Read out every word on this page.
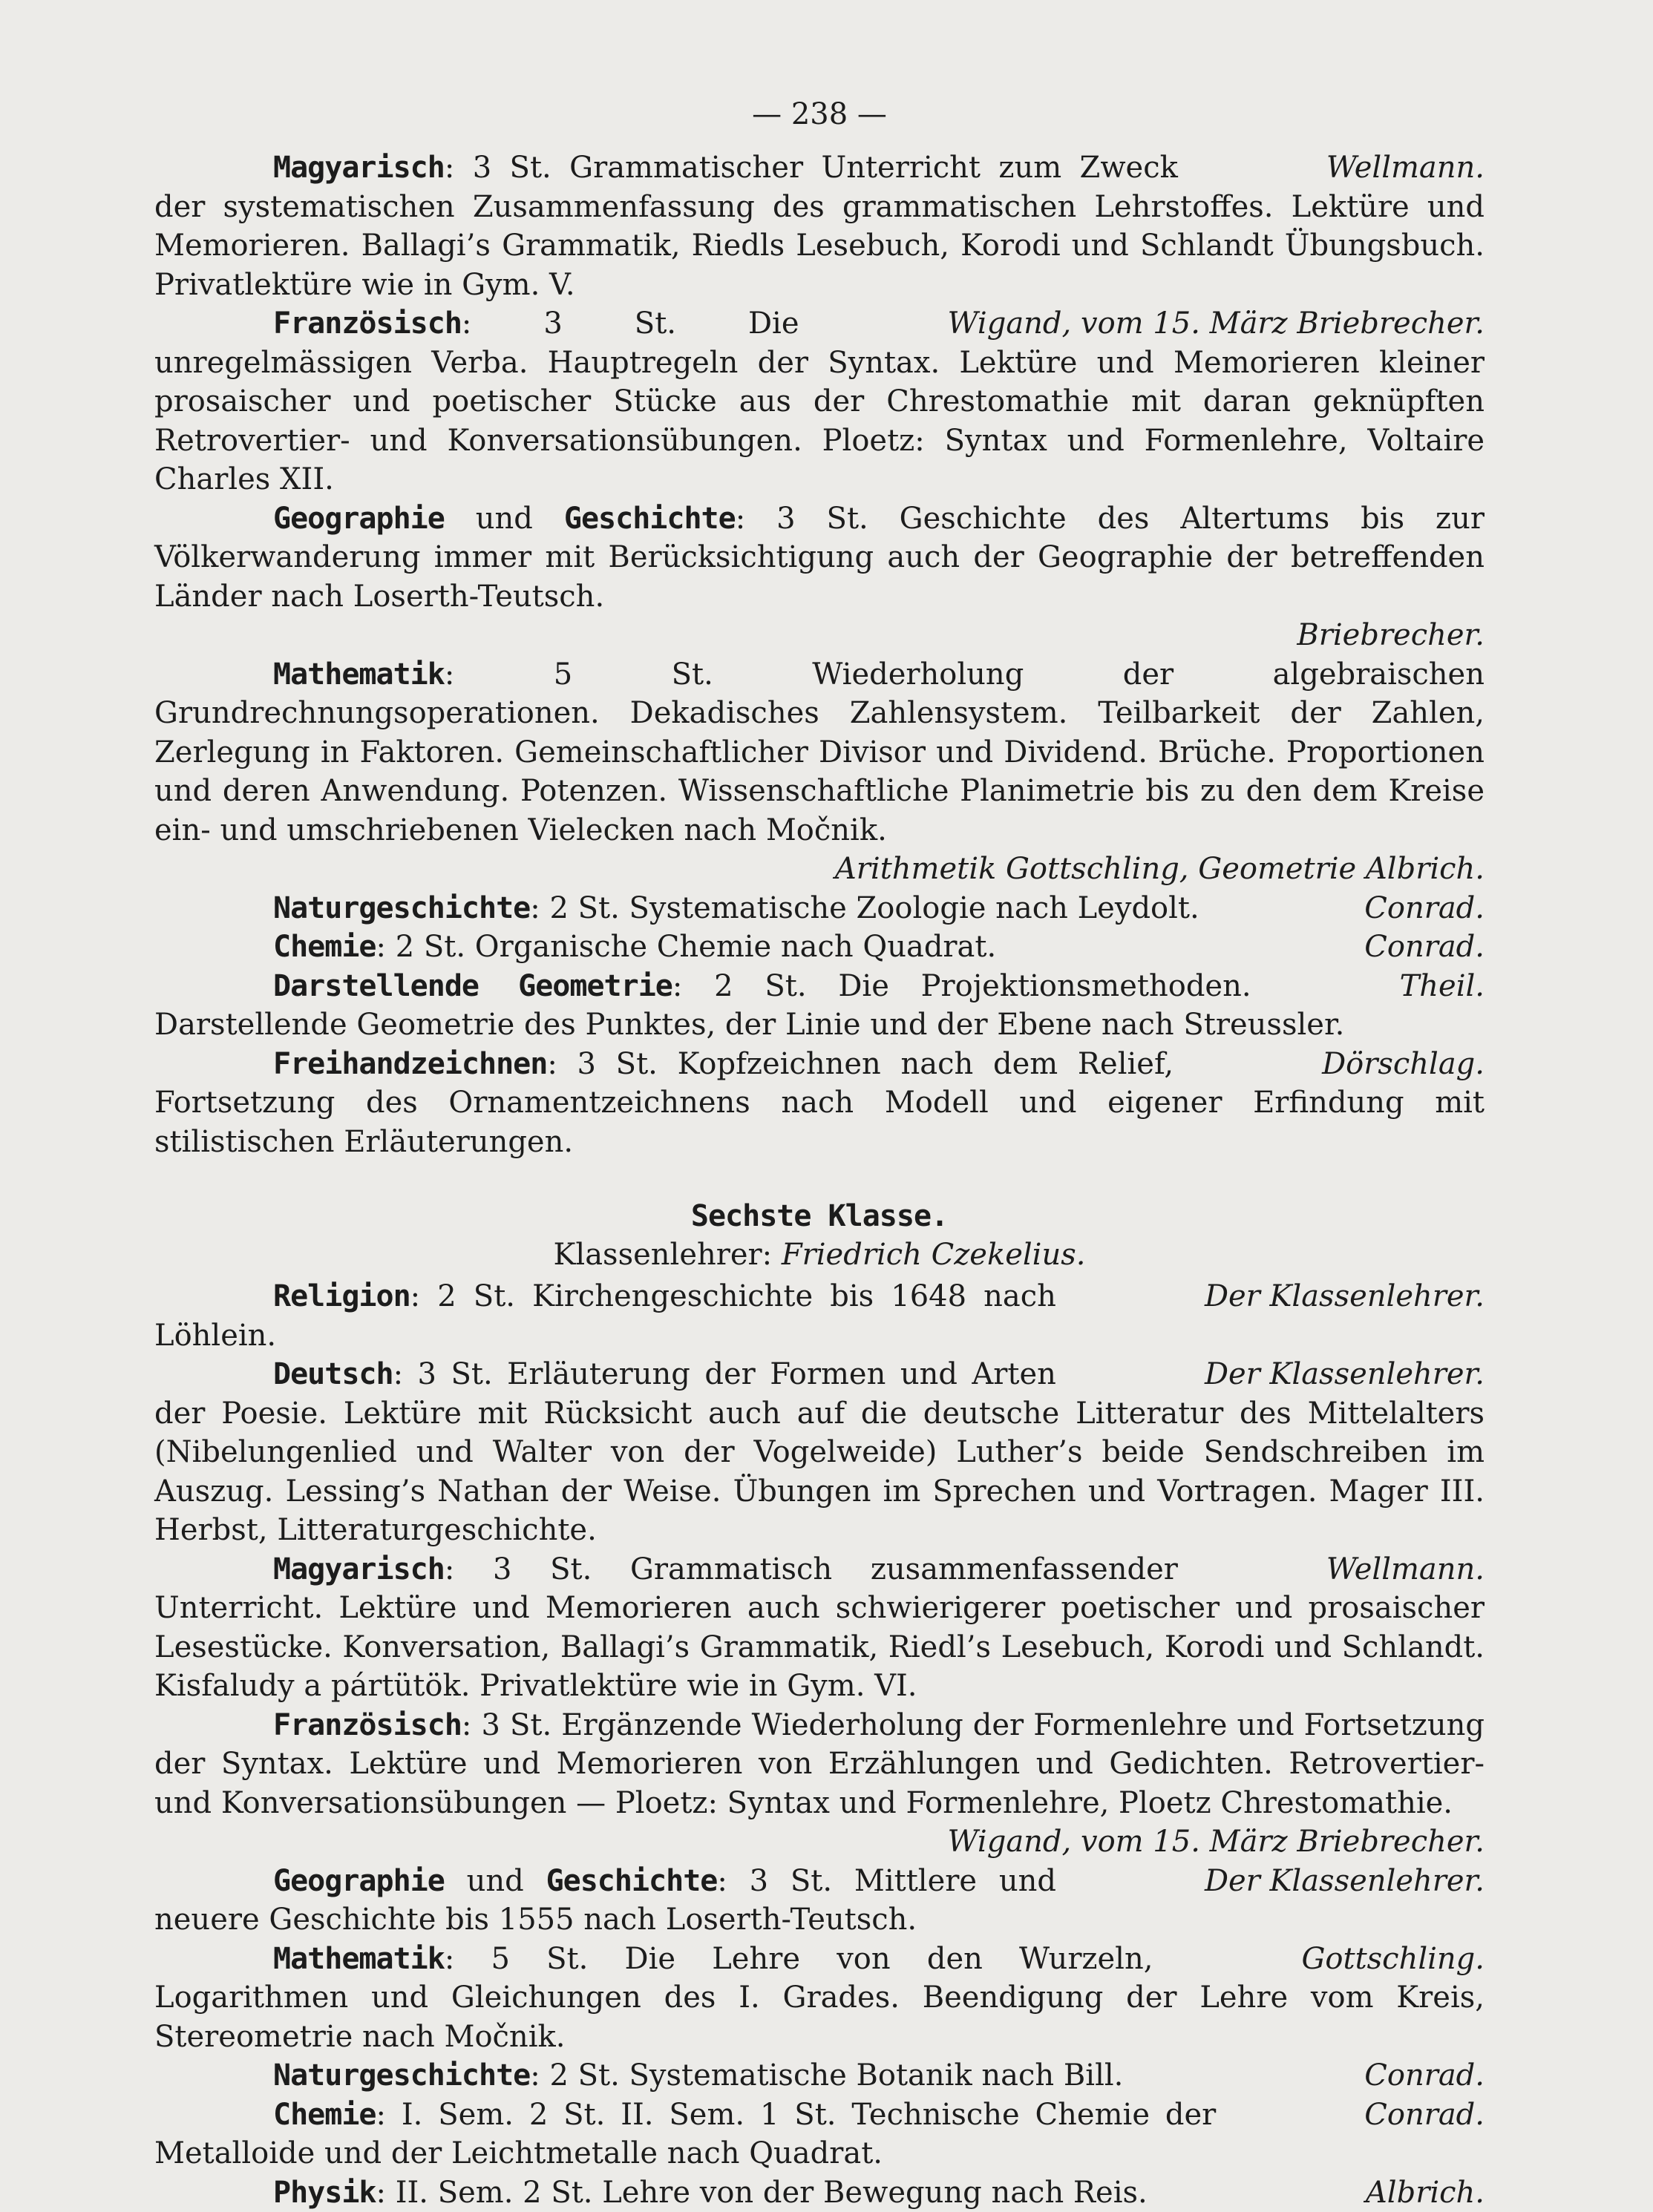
— 238 —

Wellmann.
Magyarisch: 3 St. Grammatischer Unterricht zum Zweck der systematischen Zusammenfassung des grammatischen Lehrstoffes. Lektüre und Memorieren. Ballagi’s Grammatik, Riedls Lesebuch, Korodi und Schlandt Übungsbuch. Privatlektüre wie in Gym. V.

Wigand, vom 15. März Briebrecher.
Französisch: 3 St. Die unregelmässigen Verba. Hauptregeln der Syntax. Lektüre und Memorieren kleiner prosaischer und poetischer Stücke aus der Chrestomathie mit daran geknüpften Retrovertier- und Konversationsübungen. Ploetz: Syntax und Formenlehre, Voltaire Charles XII.

Geographie und Geschichte: 3 St. Geschichte des Altertums bis zur Völkerwanderung immer mit Berücksichtigung auch der Geographie der betreffenden Länder nach Loserth-Teutsch.

Briebrecher.

Mathematik:	5 St. Wiederholung der algebraischen Grundrechnungsoperationen. Dekadisches Zahlensystem. Teilbarkeit der Zahlen, Zerlegung in Faktoren. Gemeinschaftlicher Divisor und Dividend. Brüche. Proportionen und deren Anwendung. Potenzen. Wissenschaftliche Planimetrie bis zu den dem Kreise ein- und umschriebenen Vielecken nach Močnik.

Arithmetik Gottschling, Geometrie Albrich.

Conrad.
Naturgeschichte: 2 St. Systematische Zoologie nach Leydolt.

Conrad.
Chemie: 2 St. Organische Chemie nach Quadrat.

Theil.
Darstellende Geometrie: 2 St. Die Projektionsmethoden. Darstellende Geometrie des Punktes, der Linie und der Ebene nach Streussler.

Dörschlag.
Freihandzeichnen: 3 St. Kopfzeichnen nach dem Relief, Fortsetzung des Ornamentzeichnens nach Modell und eigener Erfindung mit stilistischen Erläuterungen.

Sechste Klasse.
Klassenlehrer: Friedrich Czekelius.

Der Klassenlehrer.
Religion: 2 St. Kirchengeschichte bis 1648 nach Löhlein.

Der Klassenlehrer.
Deutsch: 3 St. Erläuterung der Formen und Arten der Poesie. Lektüre mit Rücksicht auch auf die deutsche Litteratur des Mittelalters (Nibelungenlied und Walter von der Vogelweide) Luther’s beide Sendschreiben im Auszug. Lessing’s Nathan der Weise. Übungen im Sprechen und Vortragen. Mager III. Herbst, Litteraturgeschichte.

Wellmann.
Magyarisch: 3 St. Grammatisch zusammenfassender Unterricht. Lektüre und Memorieren auch schwierigerer poetischer und prosaischer Lesestücke. Konversation, Ballagi’s Grammatik, Riedl’s Lesebuch, Korodi und Schlandt. Kisfaludy a pártütök. Privatlektüre wie in Gym. VI.

Französisch: 3 St. Ergänzende Wiederholung der Formenlehre und Fortsetzung der Syntax. Lektüre und Memorieren von Erzählungen und Gedichten. Retrovertier- und Konversationsübungen — Ploetz: Syntax und Formenlehre, Ploetz Chrestomathie.

Wigand, vom 15. März Briebrecher.

Der Klassenlehrer.
Geographie und Geschichte: 3 St. Mittlere und neuere Geschichte bis 1555 nach Loserth-Teutsch.

Gottschling.
Mathematik: 5 St. Die Lehre von den Wurzeln, Logarithmen und Gleichungen des I. Grades. Beendigung der Lehre vom Kreis, Stereometrie nach Močnik.

Conrad.
Naturgeschichte: 2 St. Systematische Botanik nach Bill.

Conrad.
Chemie: I. Sem. 2 St. II. Sem. 1 St. Technische Chemie der Metalloide und der Leichtmetalle nach Quadrat.

Albrich.
Physik: II. Sem. 2 St. Lehre von der Bewegung nach Reis.
